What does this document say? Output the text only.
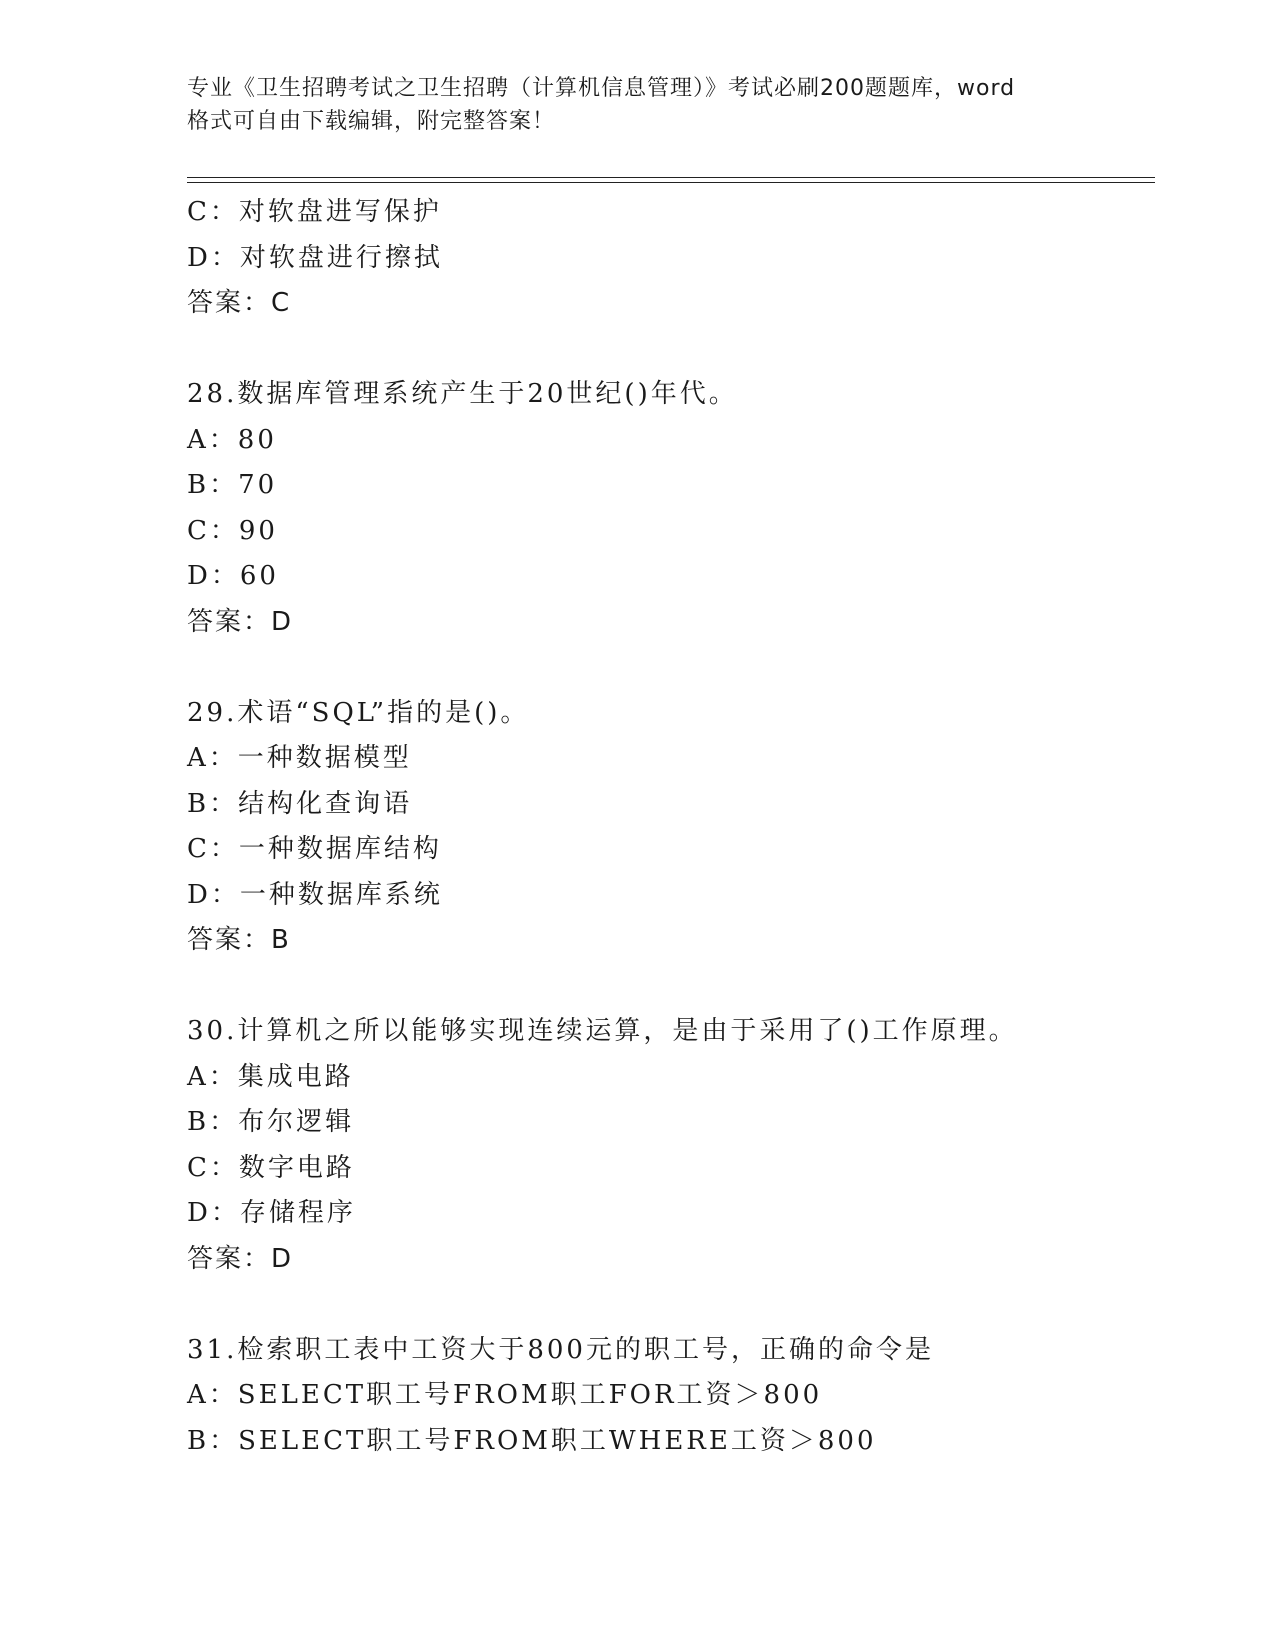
专业《卫生招聘考试之卫生招聘（计算机信息管理）》考试必刷200题题库，word
格式可自由下载编辑，附完整答案！
C：对软盘进写保护
D：对软盘进行擦拭
答案：C
28.数据库管理系统产生于20世纪()年代。
A：80
B：70
C：90
D：60
答案：D
29.术语“SQL”指的是()。
A：一种数据模型
B：结构化查询语
C：一种数据库结构
D：一种数据库系统
答案：B
30.计算机之所以能够实现连续运算，是由于采用了()工作原理。
A：集成电路
B：布尔逻辑
C：数字电路
D：存储程序
答案：D
31.检索职工表中工资大于800元的职工号，正确的命令是
A：SELECT职工号FROM职工FOR工资＞800
B：SELECT职工号FROM职工WHERE工资＞800
